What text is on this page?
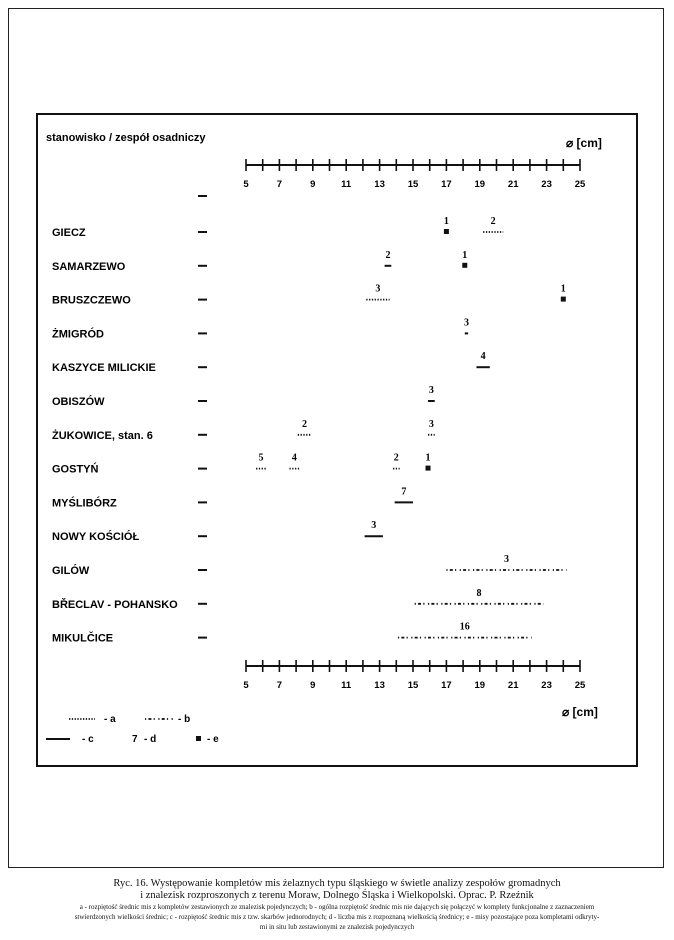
stanowisko / zespół osadniczy	⌀ [cm]
⌀ [cm]
5	7	9	11 13 15 17 19 21 23 25
5	7	9	11 13 15 17 19 21 23 25
GIECZ
1	2
SAMARZEWO
2	1
BRUSZCZEWO
3	1
ŻMIGRÓD
3
KASZYCE MILICKIE
4
OBISZÓW
3
ŻUKOWICE, stan. 6
2	3
GOSTYŃ
5	4	2	1
MYŚLIBÓRZ
7
NOWY KOŚCIÓŁ
3
GILÓW
3
BŘECLAV - POHANSKO
8
MIKULČICE
16
- a	- b
- c	7 - d	- e
Ryc. 16. Występowanie kompletów mis żelaznych typu śląskiego w świetle analizy zespołów gromadnych
i znalezisk rozproszonych z terenu Moraw, Dolnego Śląska i Wielkopolski. Oprac. P. Rzeźnik
a - rozpiętość średnic mis z kompletów zestawionych ze znalezisk pojedynczych; b - ogólna rozpiętość średnic mis nie dających się połączyć w komplety funkcjonalne z zaznaczeniem
stwierdzonych wielkości średnic; c - rozpiętość średnic mis z tzw. skarbów jednorodnych; d - liczba mis z rozpoznaną wielkością średnicy; e - misy pozostające poza kompletami odkryty-
mi in situ lub zestawionymi ze znalezisk pojedynczych
